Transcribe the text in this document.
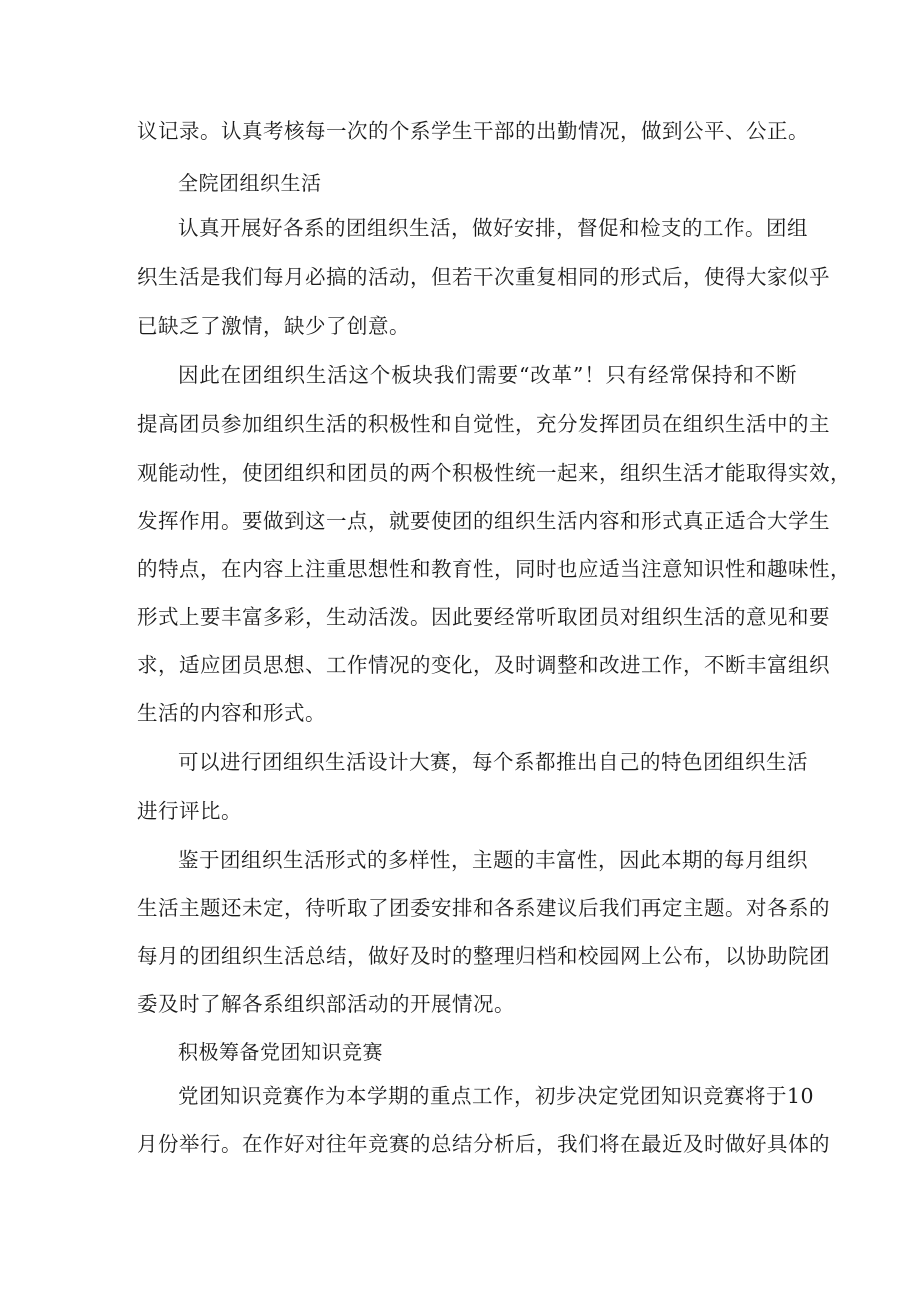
议记录。认真考核每一次的个系学生干部的出勤情况，做到公平、公正。
全院团组织生活
认真开展好各系的团组织生活，做好安排，督促和检支的工作。团组
织生活是我们每月必搞的活动，但若干次重复相同的形式后，使得大家似乎
已缺乏了激情，缺少了创意。
因此在团组织生活这个板块我们需要“改革”！只有经常保持和不断
提高团员参加组织生活的积极性和自觉性，充分发挥团员在组织生活中的主
观能动性，使团组织和团员的两个积极性统一起来，组织生活才能取得实效，
发挥作用。要做到这一点，就要使团的组织生活内容和形式真正适合大学生
的特点，在内容上注重思想性和教育性，同时也应适当注意知识性和趣味性，
形式上要丰富多彩，生动活泼。因此要经常听取团员对组织生活的意见和要
求，适应团员思想、工作情况的变化，及时调整和改进工作，不断丰富组织
生活的内容和形式。
可以进行团组织生活设计大赛，每个系都推出自己的特色团组织生活
进行评比。
鉴于团组织生活形式的多样性，主题的丰富性，因此本期的每月组织
生活主题还未定，待听取了团委安排和各系建议后我们再定主题。对各系的
每月的团组织生活总结，做好及时的整理归档和校园网上公布，以协助院团
委及时了解各系组织部活动的开展情况。
积极筹备党团知识竞赛
党团知识竞赛作为本学期的重点工作，初步决定党团知识竞赛将于10
月份举行。在作好对往年竞赛的总结分析后，我们将在最近及时做好具体的
